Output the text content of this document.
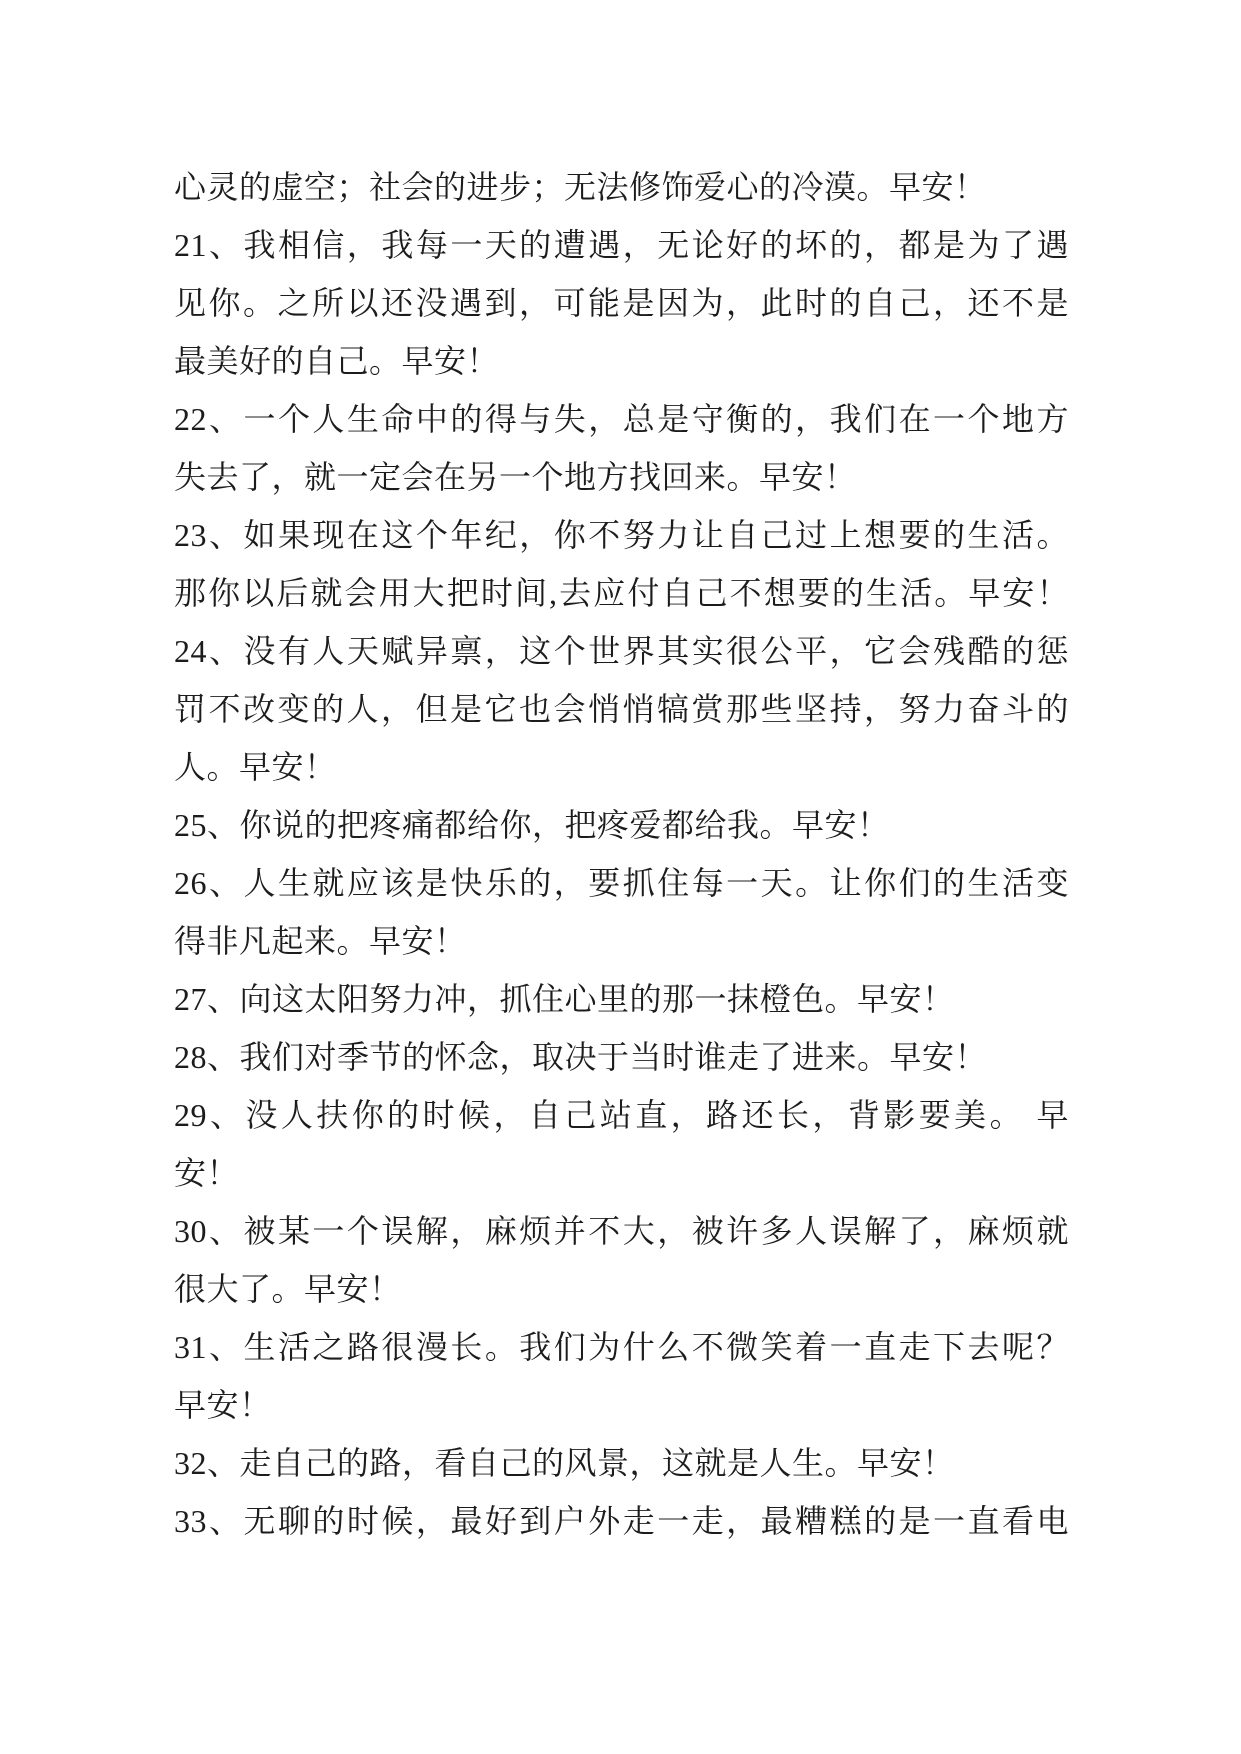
心灵的虚空；社会的进步；无法修饰爱心的冷漠。早安！
21、我相信，我每一天的遭遇，无论好的坏的，都是为了遇
见你。之所以还没遇到，可能是因为，此时的自己，还不是
最美好的自己。早安！
22、一个人生命中的得与失，总是守衡的，我们在一个地方
失去了，就一定会在另一个地方找回来。早安！
23、如果现在这个年纪，你不努力让自己过上想要的生活。
那你以后就会用大把时间,去应付自己不想要的生活。早安！
24、没有人天赋异禀，这个世界其实很公平，它会残酷的惩
罚不改变的人，但是它也会悄悄犒赏那些坚持，努力奋斗的
人。早安！
25、你说的把疼痛都给你，把疼爱都给我。早安！
26、人生就应该是快乐的，要抓住每一天。让你们的生活变
得非凡起来。早安！
27、向这太阳努力冲，抓住心里的那一抹橙色。早安！
28、我们对季节的怀念，取决于当时谁走了进来。早安！
29、没人扶你的时候，自己站直，路还长，背影要美。 早
安！
30、被某一个误解，麻烦并不大，被许多人误解了，麻烦就
很大了。早安！
31、生活之路很漫长。我们为什么不微笑着一直走下去呢？
早安！
32、走自己的路，看自己的风景，这就是人生。早安！
33、无聊的时候，最好到户外走一走，最糟糕的是一直看电
